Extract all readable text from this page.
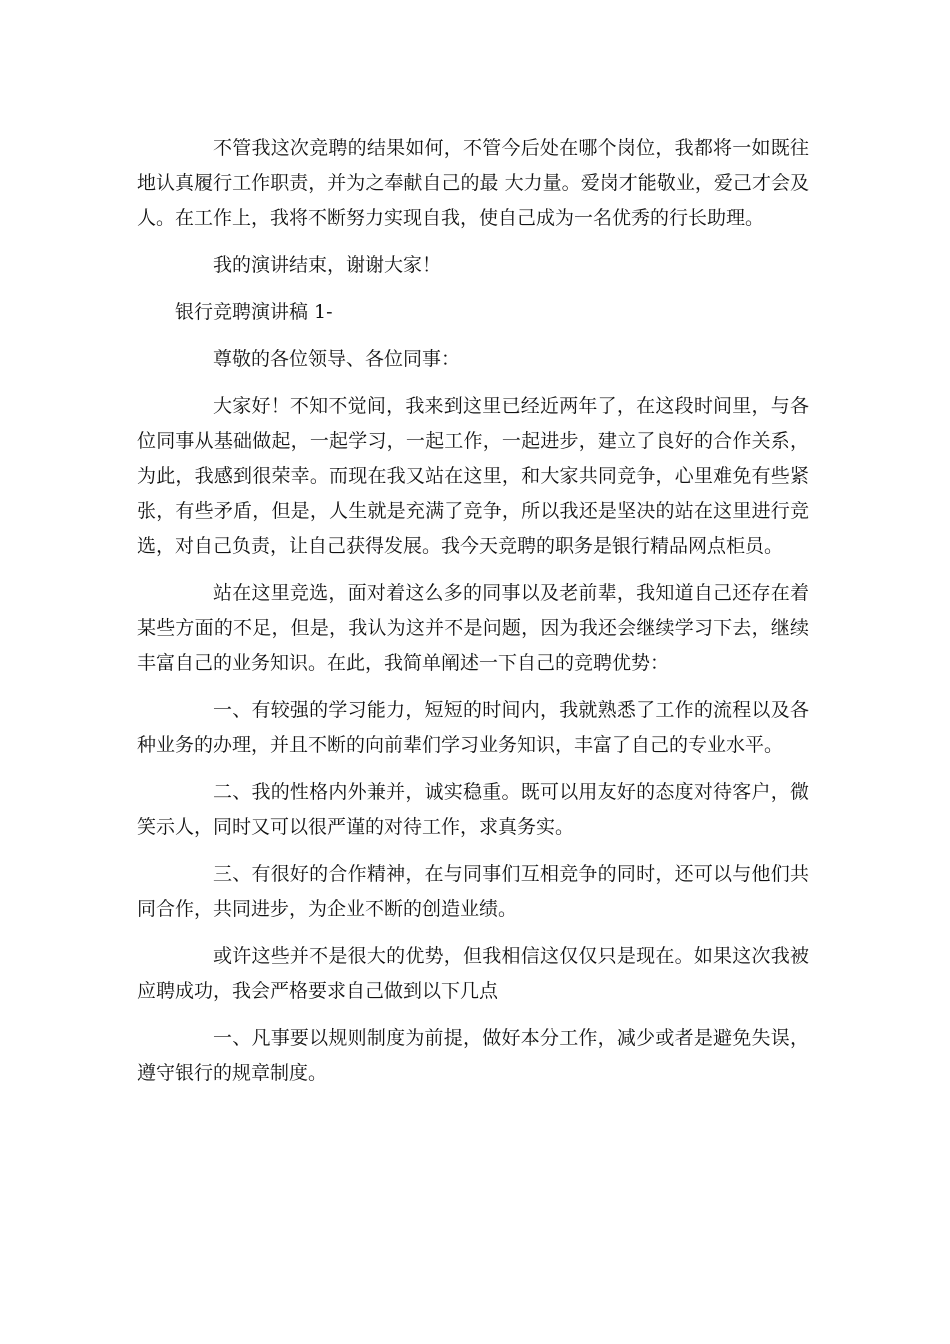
不管我这次竞聘的结果如何，不管今后处在哪个岗位，我都将一如既往地认真履行工作职责，并为之奉献自己的最 大力量。爱岗才能敬业，爱己才会及人。在工作上，我将不断努力实现自我，使自己成为一名优秀的行长助理。

我的演讲结束，谢谢大家！

银行竞聘演讲稿 1-

尊敬的各位领导、各位同事：

大家好！不知不觉间，我来到这里已经近两年了，在这段时间里，与各位同事从基础做起，一起学习，一起工作，一起进步，建立了良好的合作关系，为此，我感到很荣幸。而现在我又站在这里，和大家共同竞争，心里难免有些紧张，有些矛盾，但是，人生就是充满了竞争，所以我还是坚决的站在这里进行竞选，对自己负责，让自己获得发展。我今天竞聘的职务是银行精品网点柜员。

站在这里竞选，面对着这么多的同事以及老前辈，我知道自己还存在着某些方面的不足，但是，我认为这并不是问题，因为我还会继续学习下去，继续丰富自己的业务知识。在此，我简单阐述一下自己的竞聘优势：

一、有较强的学习能力，短短的时间内，我就熟悉了工作的流程以及各种业务的办理，并且不断的向前辈们学习业务知识，丰富了自己的专业水平。

二、我的性格内外兼并，诚实稳重。既可以用友好的态度对待客户，微笑示人，同时又可以很严谨的对待工作，求真务实。

三、有很好的合作精神，在与同事们互相竞争的同时，还可以与他们共同合作，共同进步，为企业不断的创造业绩。

或许这些并不是很大的优势，但我相信这仅仅只是现在。如果这次我被应聘成功，我会严格要求自己做到以下几点

一、凡事要以规则制度为前提，做好本分工作，减少或者是避免失误，遵守银行的规章制度。
